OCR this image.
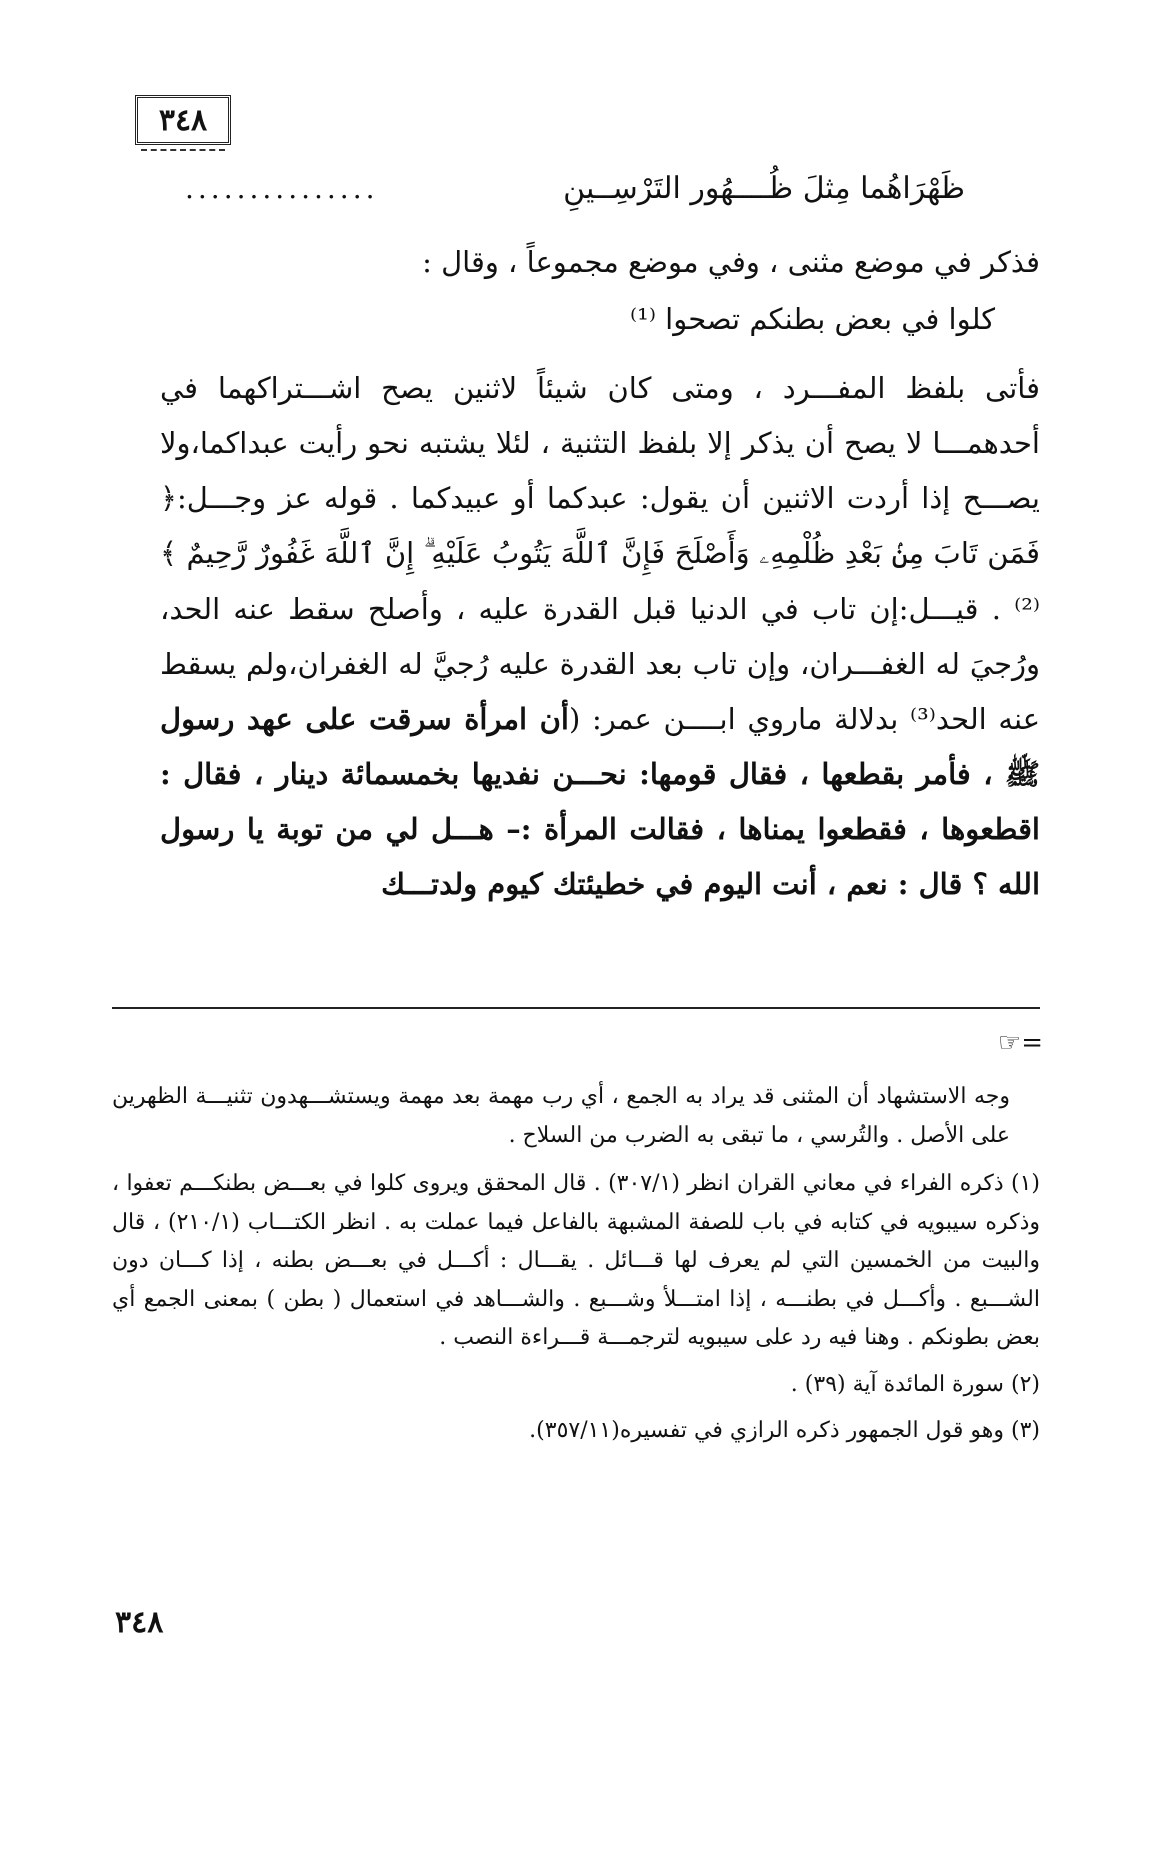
٣٤٨
ظَهْرَاهُما مِثلَ ظُــــهُور التَرْسِــينِ
...............

فذكر في موضع مثنى ، وفي موضع مجموعاً ، وقال :

كلوا في بعض بطنكم تصحوا ⁽¹⁾

فأتى بلفظ المفـــرد ، ومتى كان شيئاً لاثنين يصح اشـــتراكهما في أحدهمـــا لا يصح أن يذكر إلا بلفظ التثنية ، لئلا يشتبه نحو رأيت عبداكما،ولا يصـــح إذا أردت الاثنين أن يقول: عبدكما أو عبيدكما . قوله عز وجـــل:﴿ فَمَن تَابَ مِنۢ بَعْدِ ظُلْمِهِۦ وَأَصْلَحَ فَإِنَّ ٱللَّهَ يَتُوبُ عَلَيْهِ ۗ إِنَّ ٱللَّهَ غَفُورٌ رَّحِيمٌ ﴾⁽²⁾ . قيـــل:إن تاب في الدنيا قبل القدرة عليه ، وأصلح سقط عنه الحد، ورُجيَ له الغفـــران، وإن تاب بعد القدرة عليه رُجيَّ له الغفران،ولم يسقط عنه الحد⁽³⁾ بدلالة ماروي ابــــن عمر: (أن امرأة سرقت على عهد رسول ﷺ ، فأمر بقطعها ، فقال قومها: نحـــن نفديها بخمسمائة دينار ، فقال : اقطعوها ، فقطعوا يمناها ، فقالت المرأة :– هـــل لي من توبة يا رسول الله ؟ قال : نعم ، أنت اليوم في خطيئتك كيوم ولدتـــك

☞=

وجه الاستشهاد أن المثنى قد يراد به الجمع ، أي رب مهمة بعد مهمة ويستشـــهدون تثنيـــة الظهرين على الأصل . والتُرسي ، ما تبقى به الضرب من السلاح .

(١) ذكره الفراء في معاني القران انظر (٣٠٧/١) . قال المحقق ويروى كلوا في بعـــض بطنكـــم تعفوا ، وذكره سيبويه في كتابه في باب للصفة المشبهة بالفاعل فيما عملت به . انظر الكتـــاب (٢١٠/١) ، قال والبيت من الخمسين التي لم يعرف لها قـــائل . يقـــال : أكـــل في بعـــض بطنه ، إذا كـــان دون الشـــبع . وأكـــل في بطنـــه ، إذا امتـــلأ وشـــبع . والشـــاهد في استعمال ( بطن ) بمعنى الجمع أي بعض بطونكم . وهنا فيه رد على سيبويه لترجمـــة قـــراءة النصب .

(٢) سورة المائدة آية (٣٩) .

(٣) وهو قول الجمهور ذكره الرازي في تفسيره(٣٥٧/١١).

٣٤٨
